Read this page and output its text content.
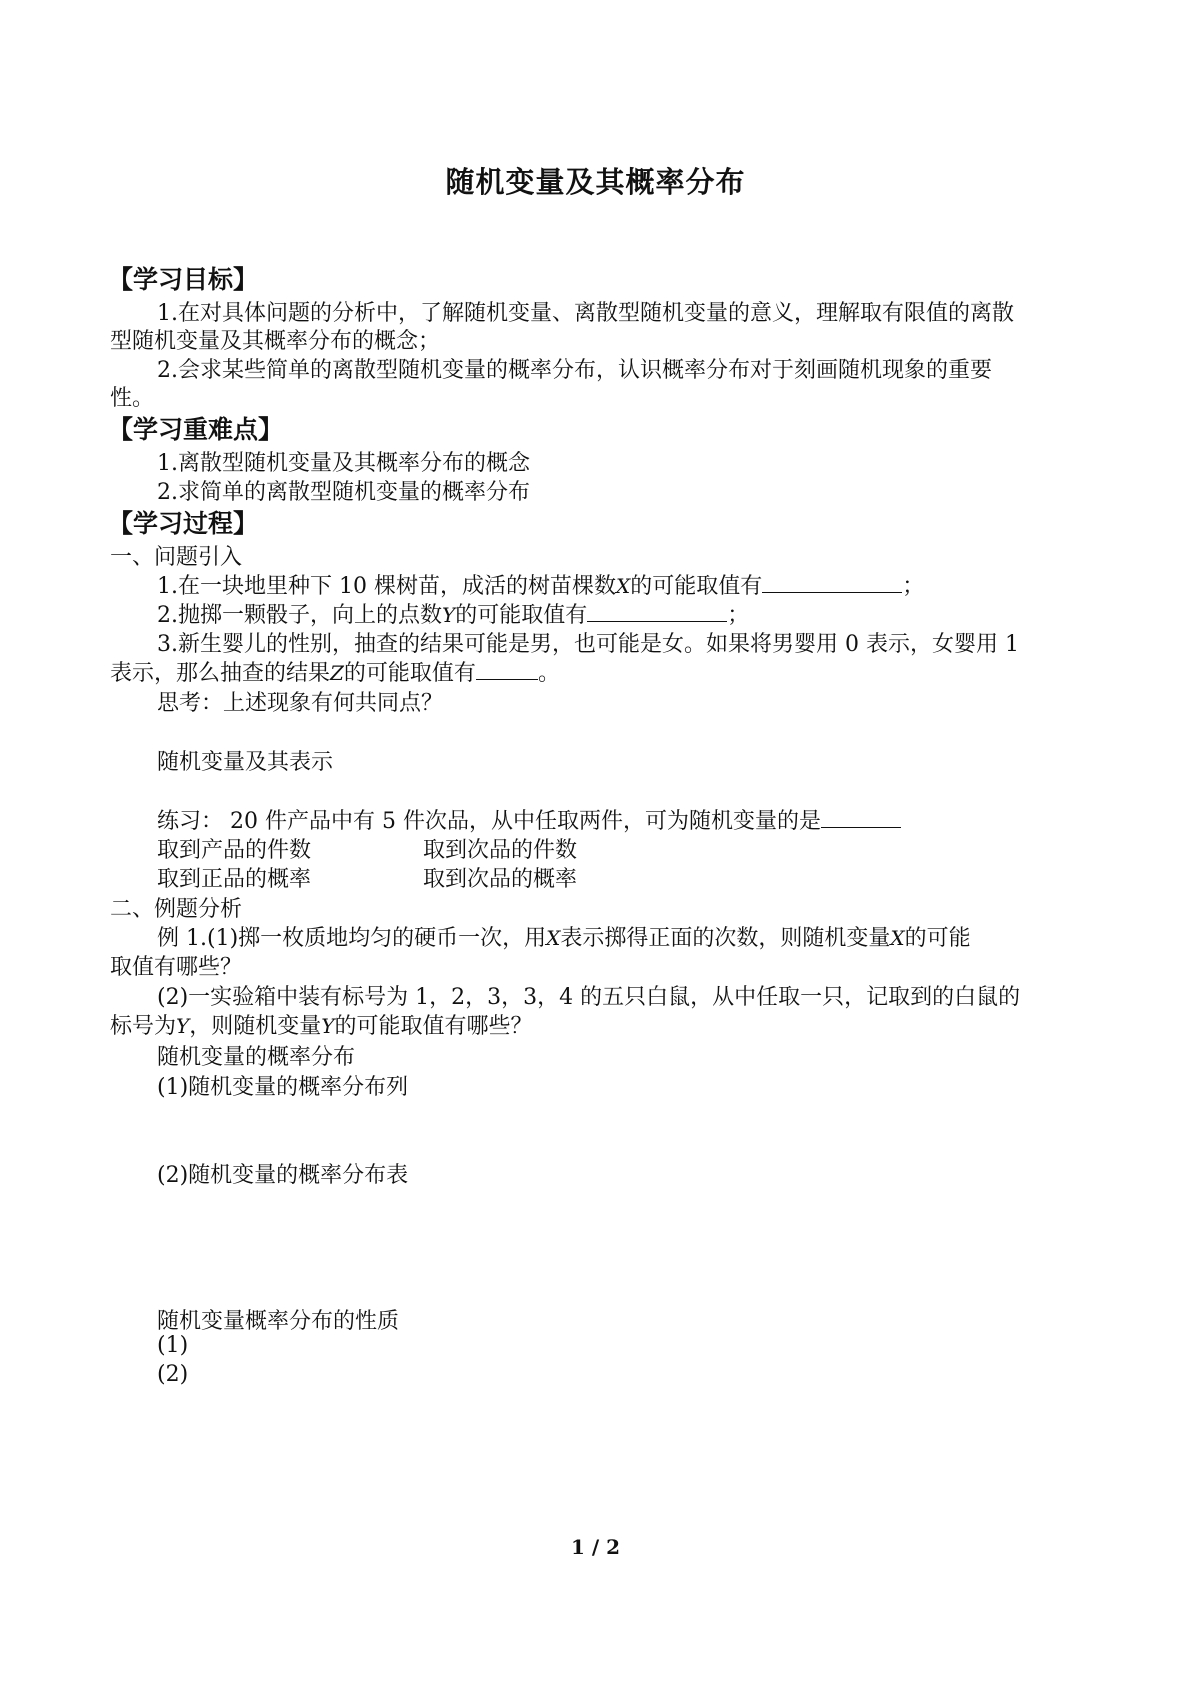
随机变量及其概率分布
【学习目标】
1.在对具体问题的分析中，了解随机变量、离散型随机变量的意义，理解取有限值的离散
型随机变量及其概率分布的概念；
2.会求某些简单的离散型随机变量的概率分布，认识概率分布对于刻画随机现象的重要
性。
【学习重难点】
1.离散型随机变量及其概率分布的概念
2.求简单的离散型随机变量的概率分布
【学习过程】
一、问题引入
1.在一块地里种下 10 棵树苗，成活的树苗棵数X的可能取值有	；
2.抛掷一颗骰子，向上的点数Y的可能取值有	；
3.新生婴儿的性别，抽查的结果可能是男，也可能是女。如果将男婴用 0 表示，女婴用 1
表示，那么抽查的结果Z的可能取值有	。
思考：上述现象有何共同点？
随机变量及其表示
练习： 20 件产品中有 5 件次品，从中任取两件，可为随机变量的是
取到产品的件数	取到次品的件数
取到正品的概率	取到次品的概率
二、例题分析
例 1.(1)掷一枚质地均匀的硬币一次，用X表示掷得正面的次数，则随机变量X的可能
取值有哪些？
(2)一实验箱中装有标号为 1，2，3，3，4 的五只白鼠，从中任取一只，记取到的白鼠的
标号为Y，则随机变量Y的可能取值有哪些？
随机变量的概率分布
(1)随机变量的概率分布列
(2)随机变量的概率分布表
随机变量概率分布的性质
(1)
(2)
1 / 2
